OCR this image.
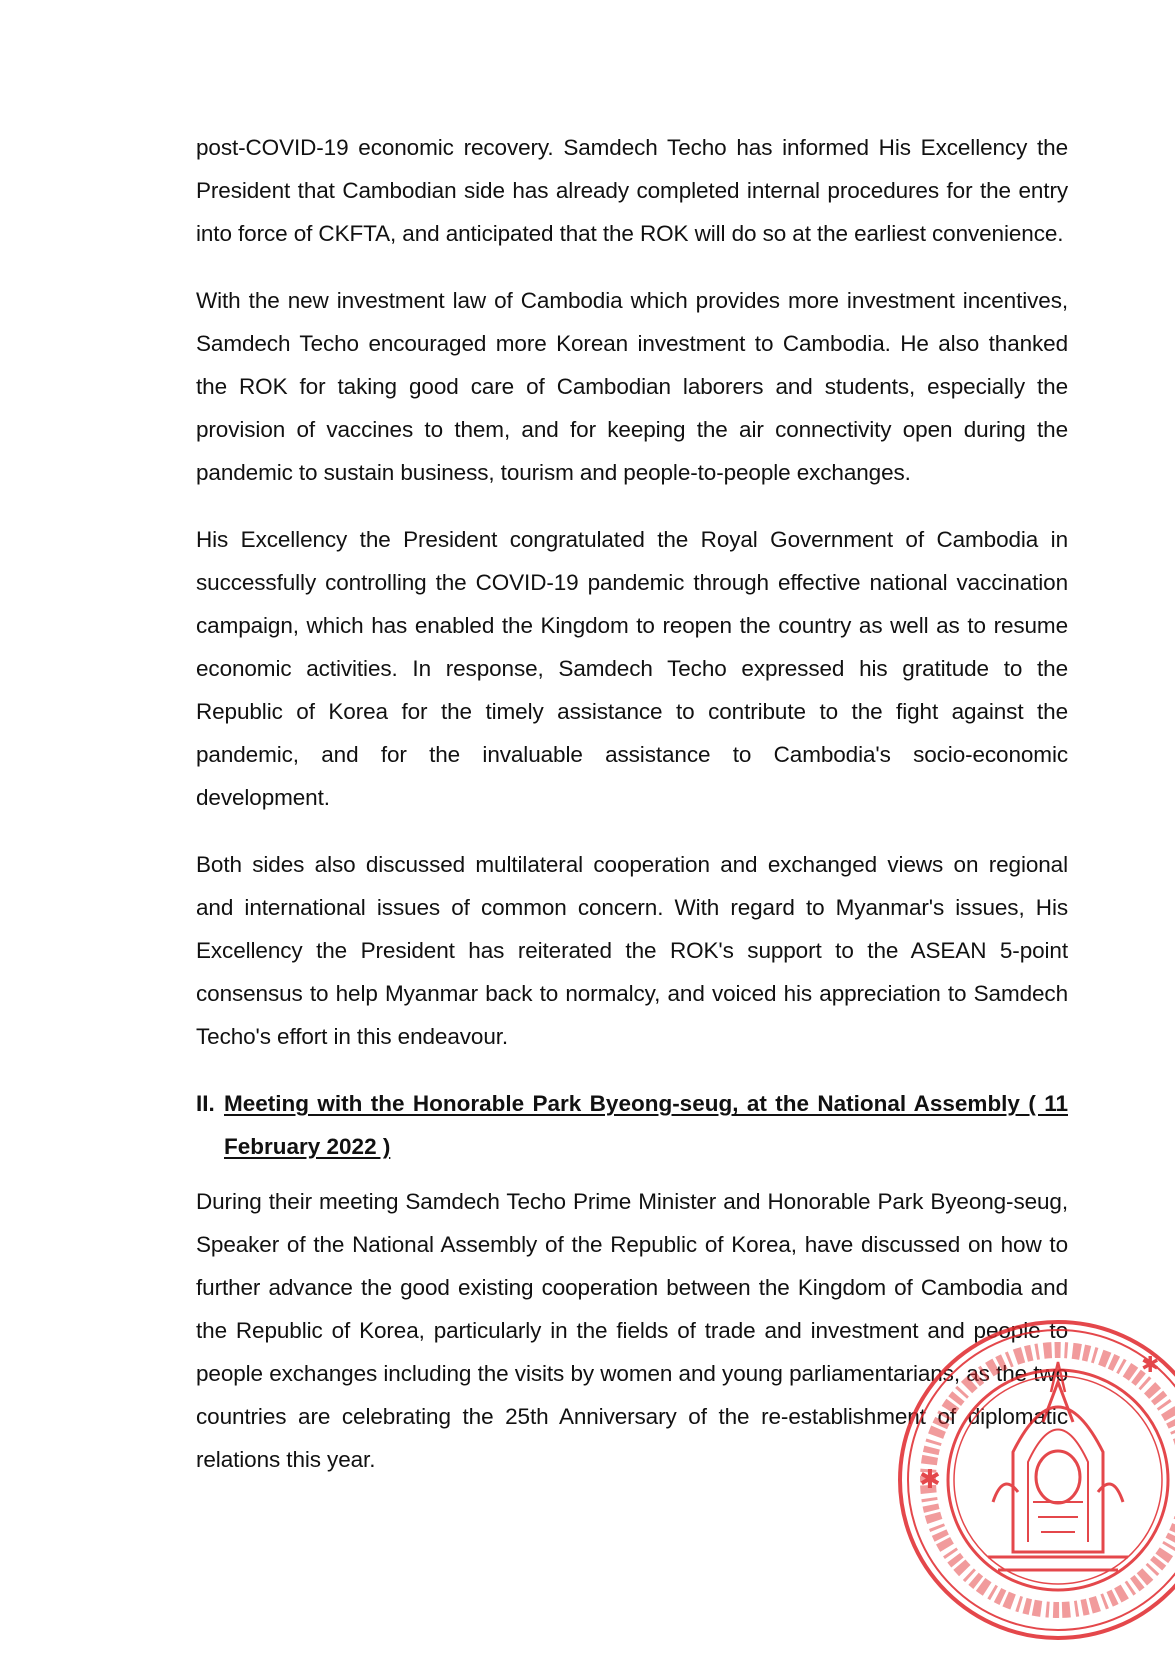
post-COVID-19 economic recovery. Samdech Techo has informed His Excellency the President that Cambodian side has already completed internal procedures for the entry into force of CKFTA, and anticipated that the ROK will do so at the earliest convenience.

With the new investment law of Cambodia which provides more investment incentives, Samdech Techo encouraged more Korean investment to Cambodia. He also thanked the ROK for taking good care of Cambodian laborers and students, especially the provision of vaccines to them, and for keeping the air connectivity open during the pandemic to sustain business, tourism and people-to-people exchanges.

His Excellency the President congratulated the Royal Government of Cambodia in successfully controlling the COVID-19 pandemic through effective national vaccination campaign, which has enabled the Kingdom to reopen the country as well as to resume economic activities. In response, Samdech Techo expressed his gratitude to the Republic of Korea for the timely assistance to contribute to the fight against the pandemic, and for the invaluable assistance to Cambodia's socio-economic development.

Both sides also discussed multilateral cooperation and exchanged views on regional and international issues of common concern. With regard to Myanmar's issues, His Excellency the President has reiterated the ROK's support to the ASEAN 5-point consensus to help Myanmar back to normalcy, and voiced his appreciation to Samdech Techo's effort in this endeavour.

II. Meeting with the Honorable Park Byeong-seug, at the National Assembly ( 11 February 2022 )

During their meeting Samdech Techo Prime Minister and Honorable Park Byeong-seug, Speaker of the National Assembly of the Republic of Korea, have discussed on how to further advance the good existing cooperation between the Kingdom of Cambodia and the Republic of Korea, particularly in the fields of trade and investment and people to people exchanges including the visits by women and young parliamentarians, as the two countries are celebrating the 25th Anniversary of the re-establishment of diplomatic relations this year.

✱
✱
